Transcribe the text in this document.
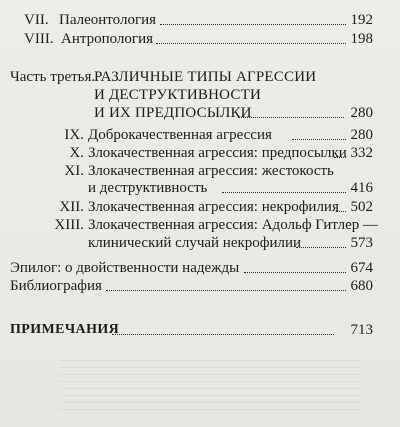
VII. Палеонтология	192
VIII. Антропология	198
Часть третья.
РАЗЛИЧНЫЕ ТИПЫ АГРЕССИИ
И ДЕСТРУКТИВНОСТИ
И ИХ ПРЕДПОСЫЛКИ	280
IX. Доброкачественная агрессия	280
X. Злокачественная агрессия: предпосылки 332
XI. Злокачественная агрессия: жестокость
и деструктивность	416
XII. Злокачественная агрессия: некрофилия 502
XIII. Злокачественная агрессия: Адольф Гитлер —
клинический случай некрофилии	573
Эпилог: о двойственности надежды	674
Библиография	680
ПРИМЕЧАНИЯ	713
